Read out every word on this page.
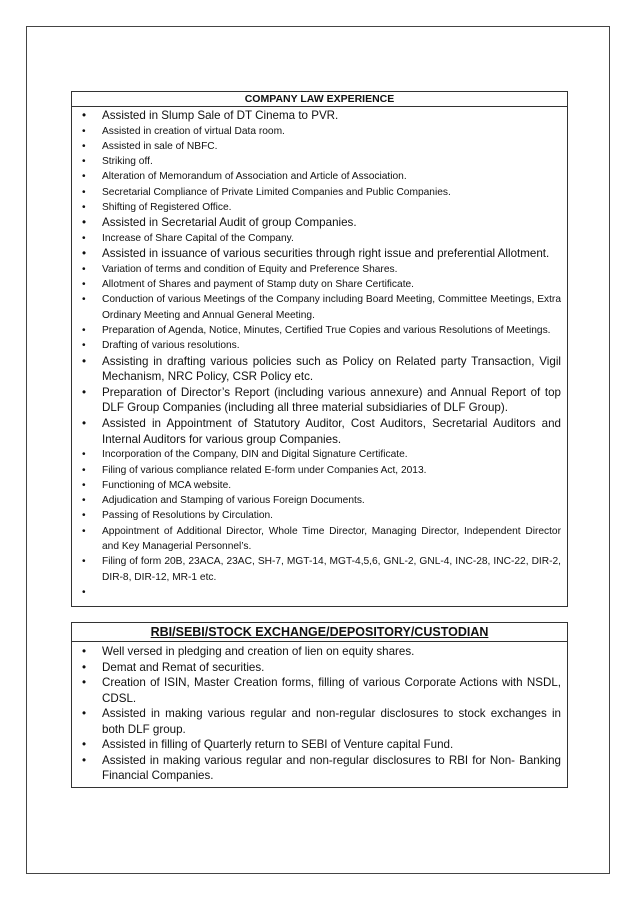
COMPANY LAW EXPERIENCE
• Assisted in Slump Sale of DT Cinema to PVR.
• Assisted in creation of virtual Data room.
• Assisted in sale of NBFC.
• Striking off.
• Alteration of Memorandum of Association and Article of Association.
• Secretarial Compliance of Private Limited Companies and Public Companies.
• Shifting of Registered Office.
• Assisted in Secretarial Audit of group Companies.
• Increase of Share Capital of the Company.
• Assisted in issuance of various securities through right issue and preferential Allotment.
• Variation of terms and condition of Equity and Preference Shares.
• Allotment of Shares and payment of Stamp duty on Share Certificate.
• Conduction of various Meetings of the Company including Board Meeting, Committee Meetings, Extra Ordinary Meeting and Annual General Meeting.
• Preparation of Agenda, Notice, Minutes, Certified True Copies and various Resolutions of Meetings.
• Drafting of various resolutions.
• Assisting in drafting various policies such as Policy on Related party Transaction, Vigil Mechanism, NRC Policy, CSR Policy etc.
• Preparation of Director’s Report (including various annexure) and Annual Report of top DLF Group Companies (including all three material subsidiaries of DLF Group).
• Assisted in Appointment of Statutory Auditor, Cost Auditors, Secretarial Auditors and Internal Auditors for various group Companies.
• Incorporation of the Company, DIN and Digital Signature Certificate.
• Filing of various compliance related E-form under Companies Act, 2013.
• Functioning of MCA website.
• Adjudication and Stamping of various Foreign Documents.
• Passing of Resolutions by Circulation.
• Appointment of Additional Director, Whole Time Director, Managing Director, Independent Director and Key Managerial Personnel’s.
• Filing of form 20B, 23ACA, 23AC, SH-7, MGT-14, MGT-4,5,6, GNL-2, GNL-4, INC-28, INC-22, DIR-2, DIR-8, DIR-12, MR-1 etc.
•
RBI/SEBI/STOCK EXCHANGE/DEPOSITORY/CUSTODIAN
• Well versed in pledging and creation of lien on equity shares.
• Demat and Remat of securities.
• Creation of ISIN, Master Creation forms, filling of various Corporate Actions with NSDL, CDSL.
• Assisted in making various regular and non-regular disclosures to stock exchanges in both DLF group.
• Assisted in filling of Quarterly return to SEBI of Venture capital Fund.
• Assisted in making various regular and non-regular disclosures to RBI for Non- Banking Financial Companies.
